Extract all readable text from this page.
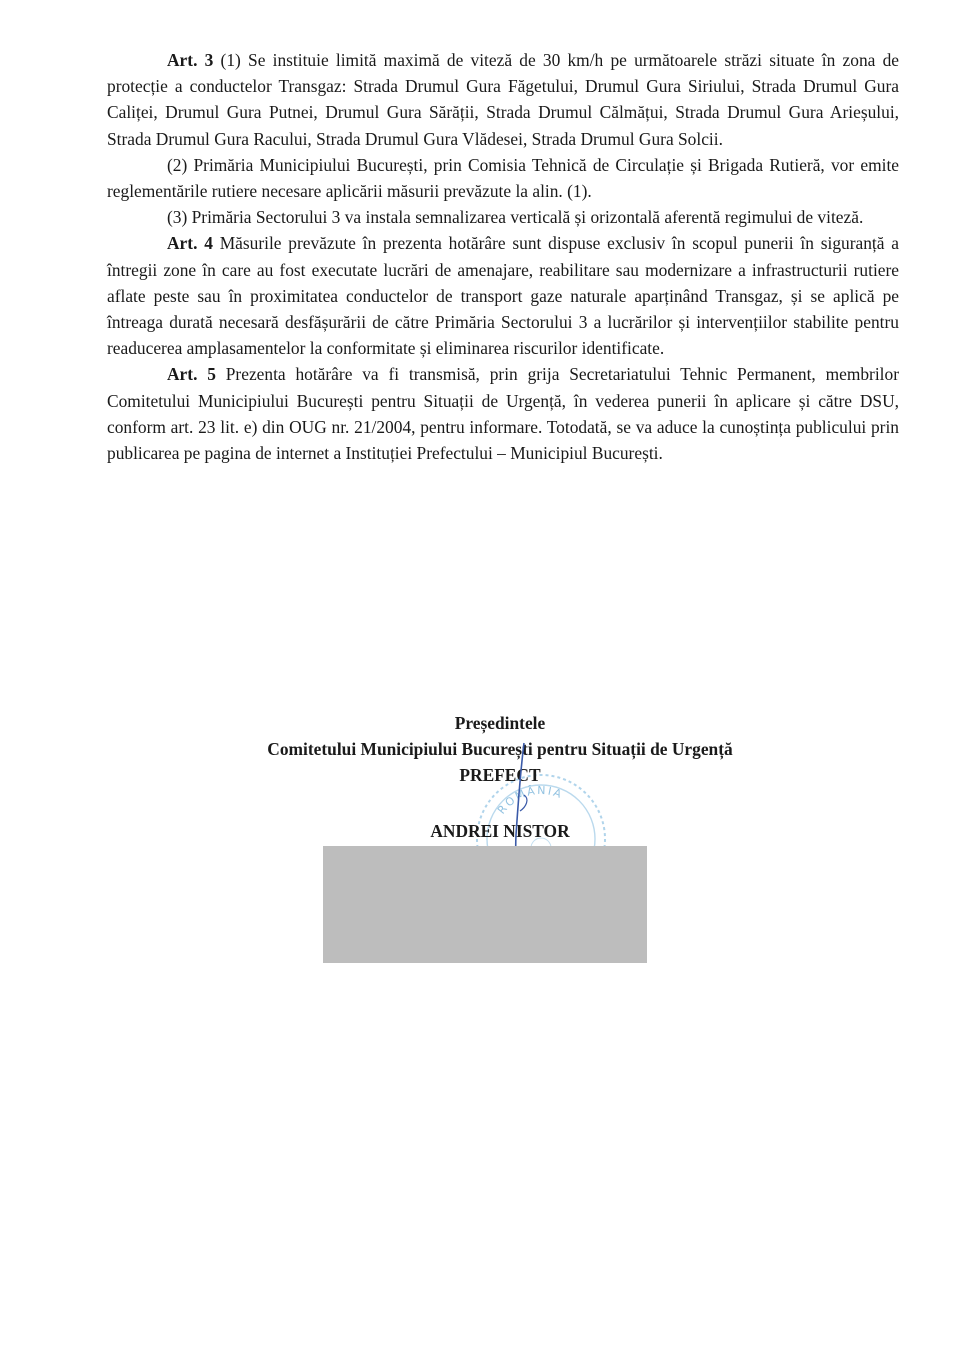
Art. 3 (1) Se instituie limită maximă de viteză de 30 km/h pe următoarele străzi situate în zona de protecție a conductelor Transgaz: Strada Drumul Gura Făgetului, Drumul Gura Siriului, Strada Drumul Gura Caliței, Drumul Gura Putnei, Drumul Gura Sărății, Strada Drumul Călmățui, Strada Drumul Gura Arieșului, Strada Drumul Gura Racului, Strada Drumul Gura Vlădesei, Strada Drumul Gura Solcii.

(2) Primăria Municipiului București, prin Comisia Tehnică de Circulație și Brigada Rutieră, vor emite reglementările rutiere necesare aplicării măsurii prevăzute la alin. (1).

(3) Primăria Sectorului 3 va instala semnalizarea verticală și orizontală aferentă regimului de viteză.

Art. 4 Măsurile prevăzute în prezenta hotărâre sunt dispuse exclusiv în scopul punerii în siguranță a întregii zone în care au fost executate lucrări de amenajare, reabilitare sau modernizare a infrastructurii rutiere aflate peste sau în proximitatea conductelor de transport gaze naturale aparținând Transgaz, și se aplică pe întreaga durată necesară desfășurării de către Primăria Sectorului 3 a lucrărilor și intervențiilor stabilite pentru readucerea amplasamentelor la conformitate și eliminarea riscurilor identificate.

Art. 5 Prezenta hotărâre va fi transmisă, prin grija Secretariatului Tehnic Permanent, membrilor Comitetului Municipiului București pentru Situații de Urgență, în vederea punerii în aplicare și către DSU, conform art. 23 lit. e) din OUG nr. 21/2004, pentru informare. Totodată, se va aduce la cunoștința publicului prin publicarea pe pagina de internet a Instituției Prefectului – Municipiul București.

ROMÂNIA
Președintele
Comitetului Municipiului București pentru Situații de Urgență
PREFECT
ANDREI NISTOR
